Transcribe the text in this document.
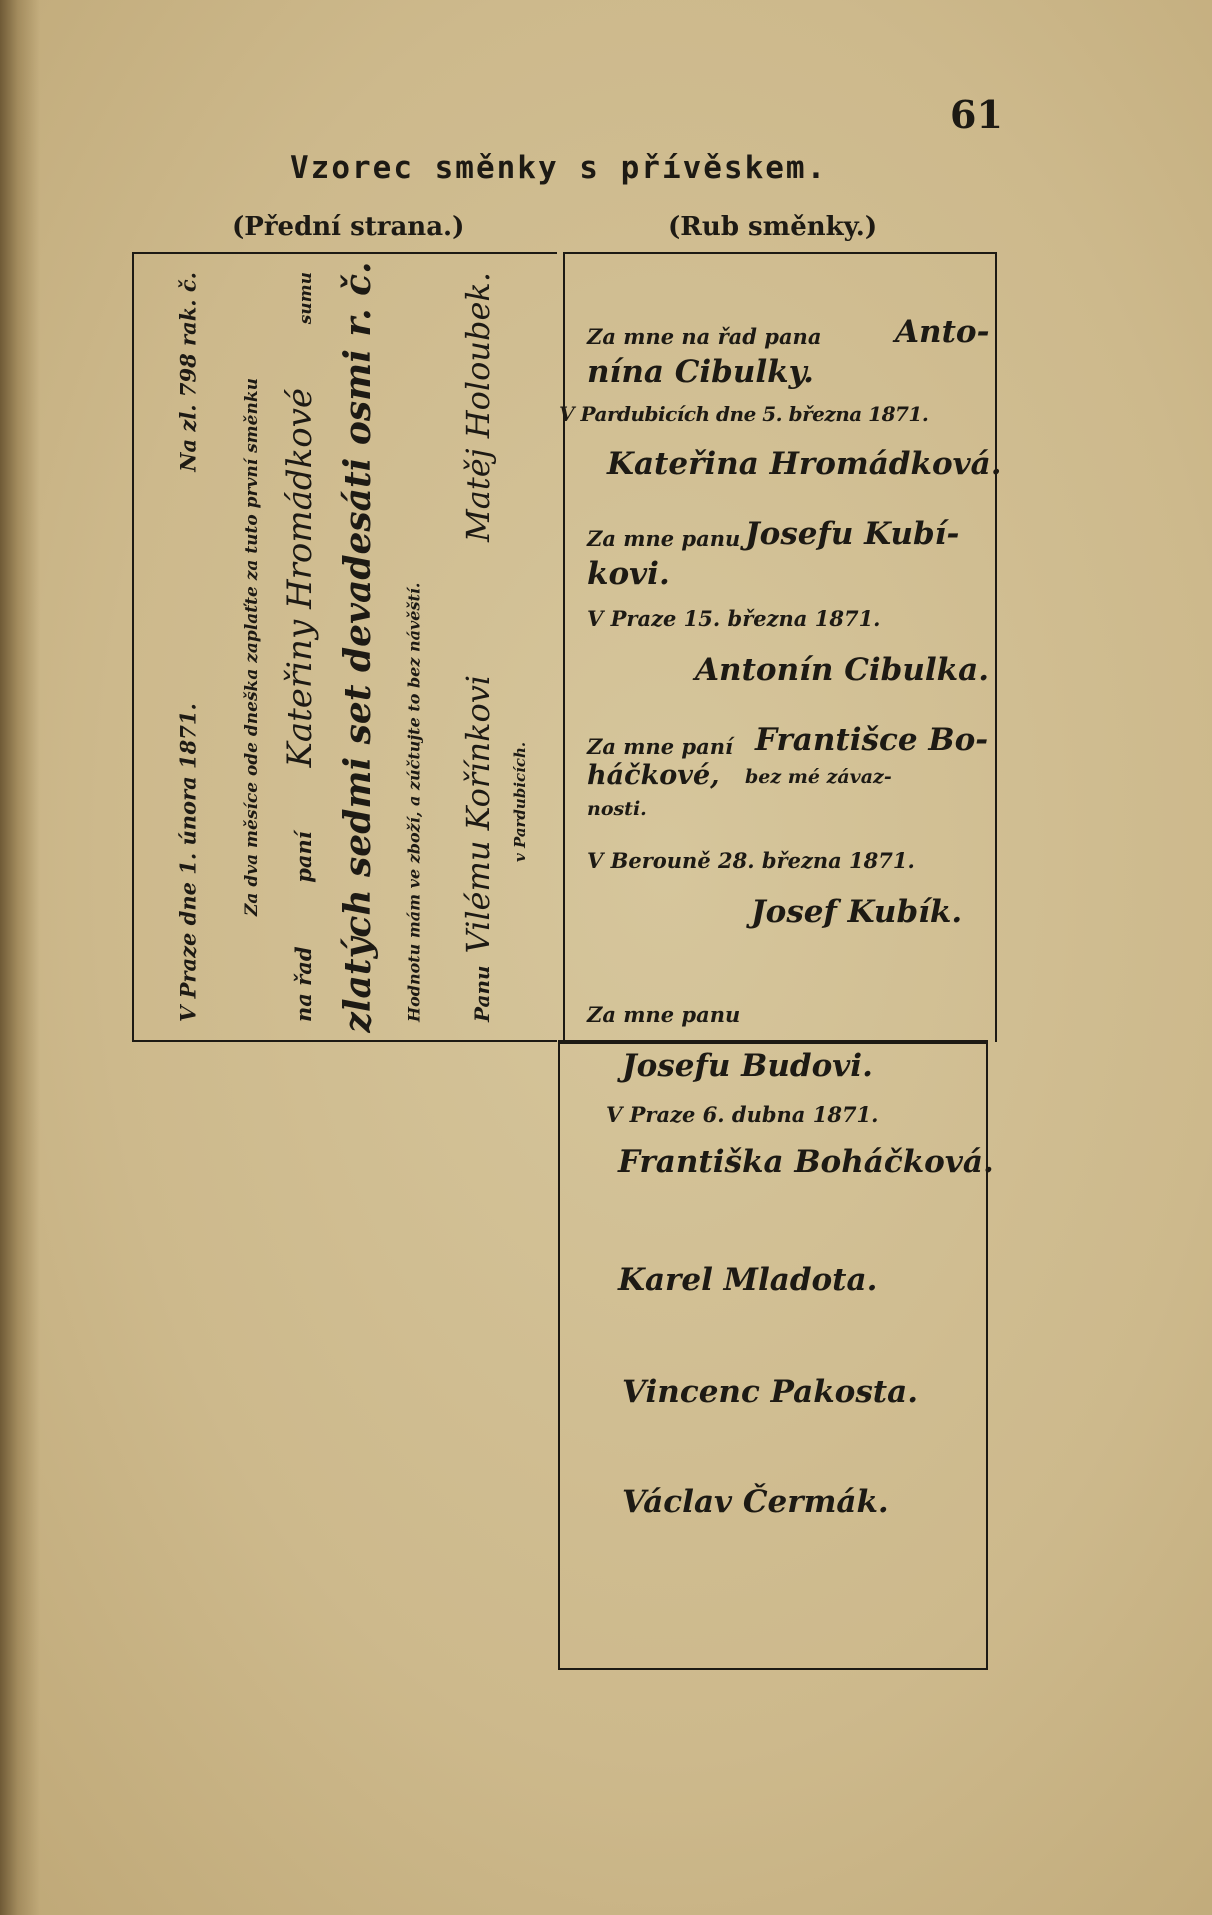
61
Vzorec směnky s přívěskem.
(Přední strana.)	(Rub směnky.)
V Praze dne 1. února 1871.
Na zl. 798 rak. č.
Za dva měsíce ode dneška zaplaťte za tuto první směnku
na řad
paní
Kateřiny Hromádkové
sumu zlatých sedmi set devadesáti osmi r. č. Hodnotu mám ve zboží, a zúčtujte to bez návěští. Panu
Vilému Kořínkovi
Matěj Holoubek.
v Pardubicích.
Za mne na řad pana Anto-
nína Cibulky.
V Pardubicích dne 5. března 1871.
Kateřina Hromádková.
Za mne panu Josefu Kubí-
kovi.
V Praze 15. března 1871.
Antonín Cibulka.
Za mne paní Františce Bo-
háčkové, bez mé závaz-
nosti.
V Berouně 28. března 1871.
Josef Kubík.
Za mne panu
Josefu Budovi.
V Praze 6. dubna 1871.
Františka Boháčková.
Karel Mladota.
Vincenc Pakosta.
Václav Čermák.
